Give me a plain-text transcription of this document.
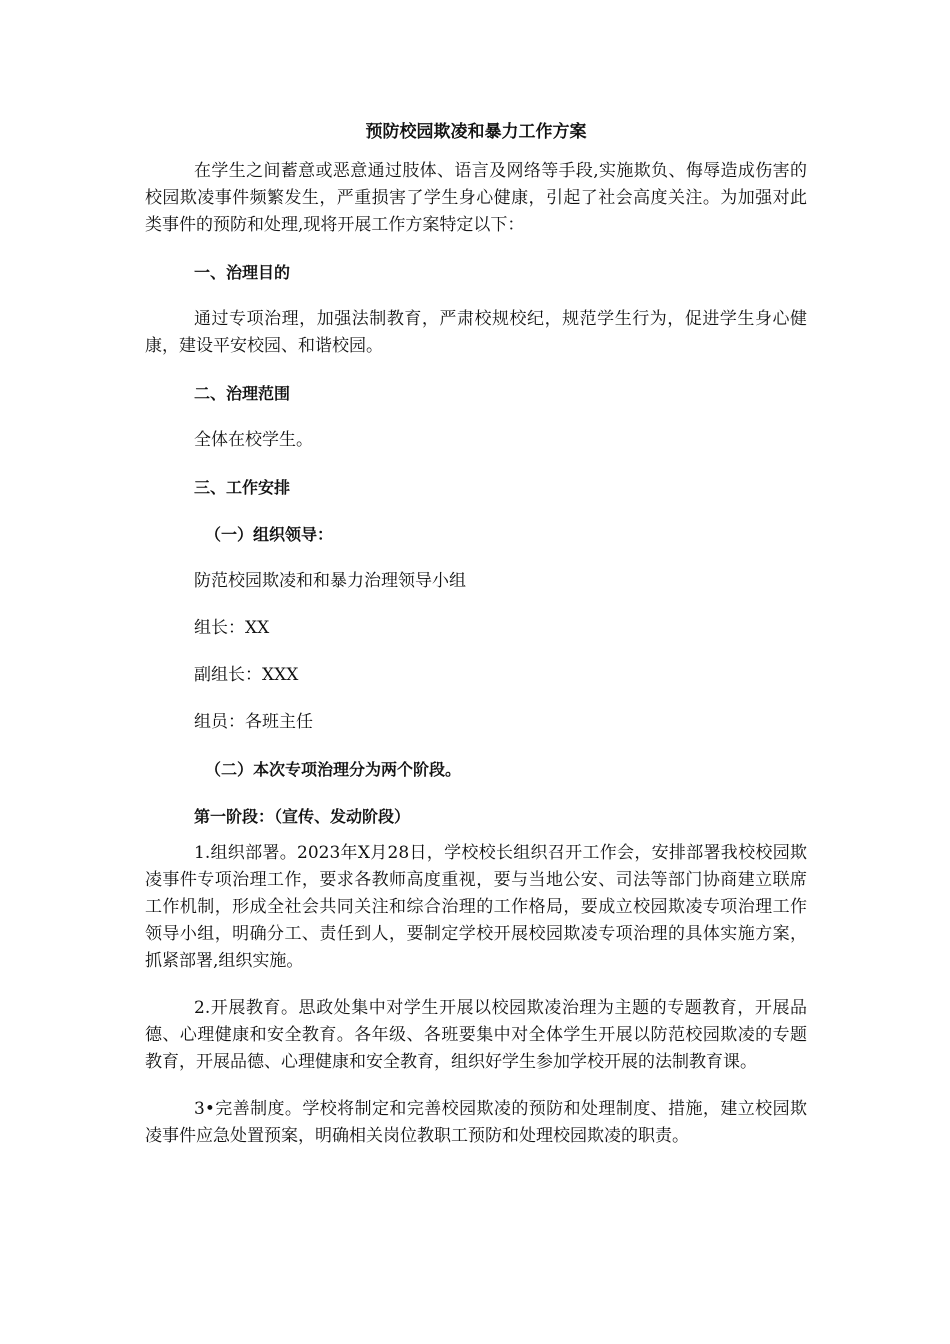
预防校园欺凌和暴力工作方案

在学生之间蓄意或恶意通过肢体、语言及网络等手段,实施欺负、侮辱造成伤害的校园欺凌事件频繁发生，严重损害了学生身心健康，引起了社会高度关注。为加强对此类事件的预防和处理,现将开展工作方案特定以下：

一、治理目的

通过专项治理，加强法制教育，严肃校规校纪，规范学生行为，促进学生身心健康，建设平安校园、和谐校园。

二、治理范围

全体在校学生。

三、工作安排

（一）组织领导：

防范校园欺凌和和暴力治理领导小组

组长：XX

副组长：XXX

组员：各班主任

（二）本次专项治理分为两个阶段。

第一阶段：（宣传、发动阶段）

1.组织部署。2023年X月28日，学校校长组织召开工作会，安排部署我校校园欺凌事件专项治理工作，要求各教师高度重视，要与当地公安、司法等部门协商建立联席工作机制，形成全社会共同关注和综合治理的工作格局，要成立校园欺凌专项治理工作领导小组，明确分工、责任到人，要制定学校开展校园欺凌专项治理的具体实施方案，抓紧部署,组织实施。

2.开展教育。思政处集中对学生开展以校园欺凌治理为主题的专题教育，开展品德、心理健康和安全教育。各年级、各班要集中对全体学生开展以防范校园欺凌的专题教育，开展品德、心理健康和安全教育，组织好学生参加学校开展的法制教育课。

3•完善制度。学校将制定和完善校园欺凌的预防和处理制度、措施，建立校园欺凌事件应急处置预案，明确相关岗位教职工预防和处理校园欺凌的职责。
